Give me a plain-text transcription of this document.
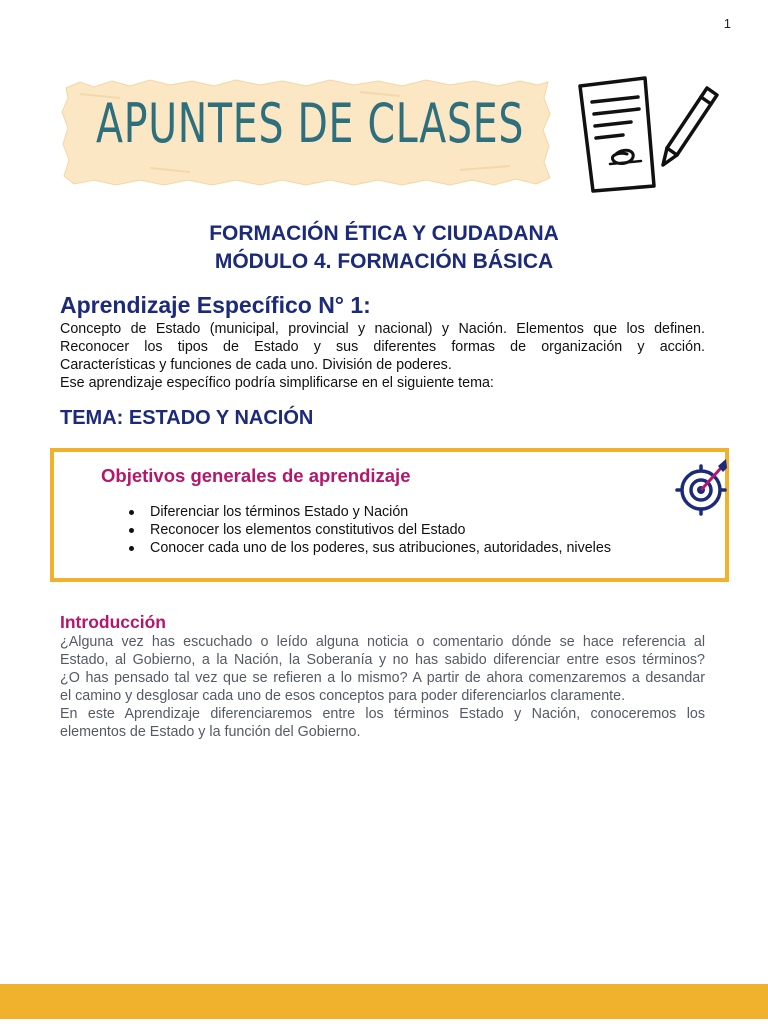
1
APUNTES DE CLASES
FORMACIÓN ÉTICA Y CIUDADANA
MÓDULO 4. FORMACIÓN BÁSICA
Aprendizaje Específico N° 1:
Concepto de Estado (municipal, provincial y nacional) y Nación. Elementos que los definen.
Reconocer los tipos de Estado y sus diferentes formas de organización y acción.
Características y funciones de cada uno. División de poderes.
Ese aprendizaje específico podría simplificarse en el siguiente tema:
TEMA: ESTADO Y NACIÓN
Objetivos generales de aprendizaje
Diferenciar los términos Estado y Nación
Reconocer los elementos constitutivos del Estado
Conocer cada uno de los poderes, sus atribuciones, autoridades, niveles
Introducción
¿Alguna vez has escuchado o leído alguna noticia o comentario dónde se hace referencia al
Estado, al Gobierno, a la Nación, la Soberanía y no has sabido diferenciar entre esos términos?
¿O has pensado tal vez que se refieren a lo mismo? A partir de ahora comenzaremos a desandar
el camino y desglosar cada uno de esos conceptos para poder diferenciarlos claramente.
En este Aprendizaje diferenciaremos entre los términos Estado y Nación, conoceremos los
elementos de Estado y la función del Gobierno.
